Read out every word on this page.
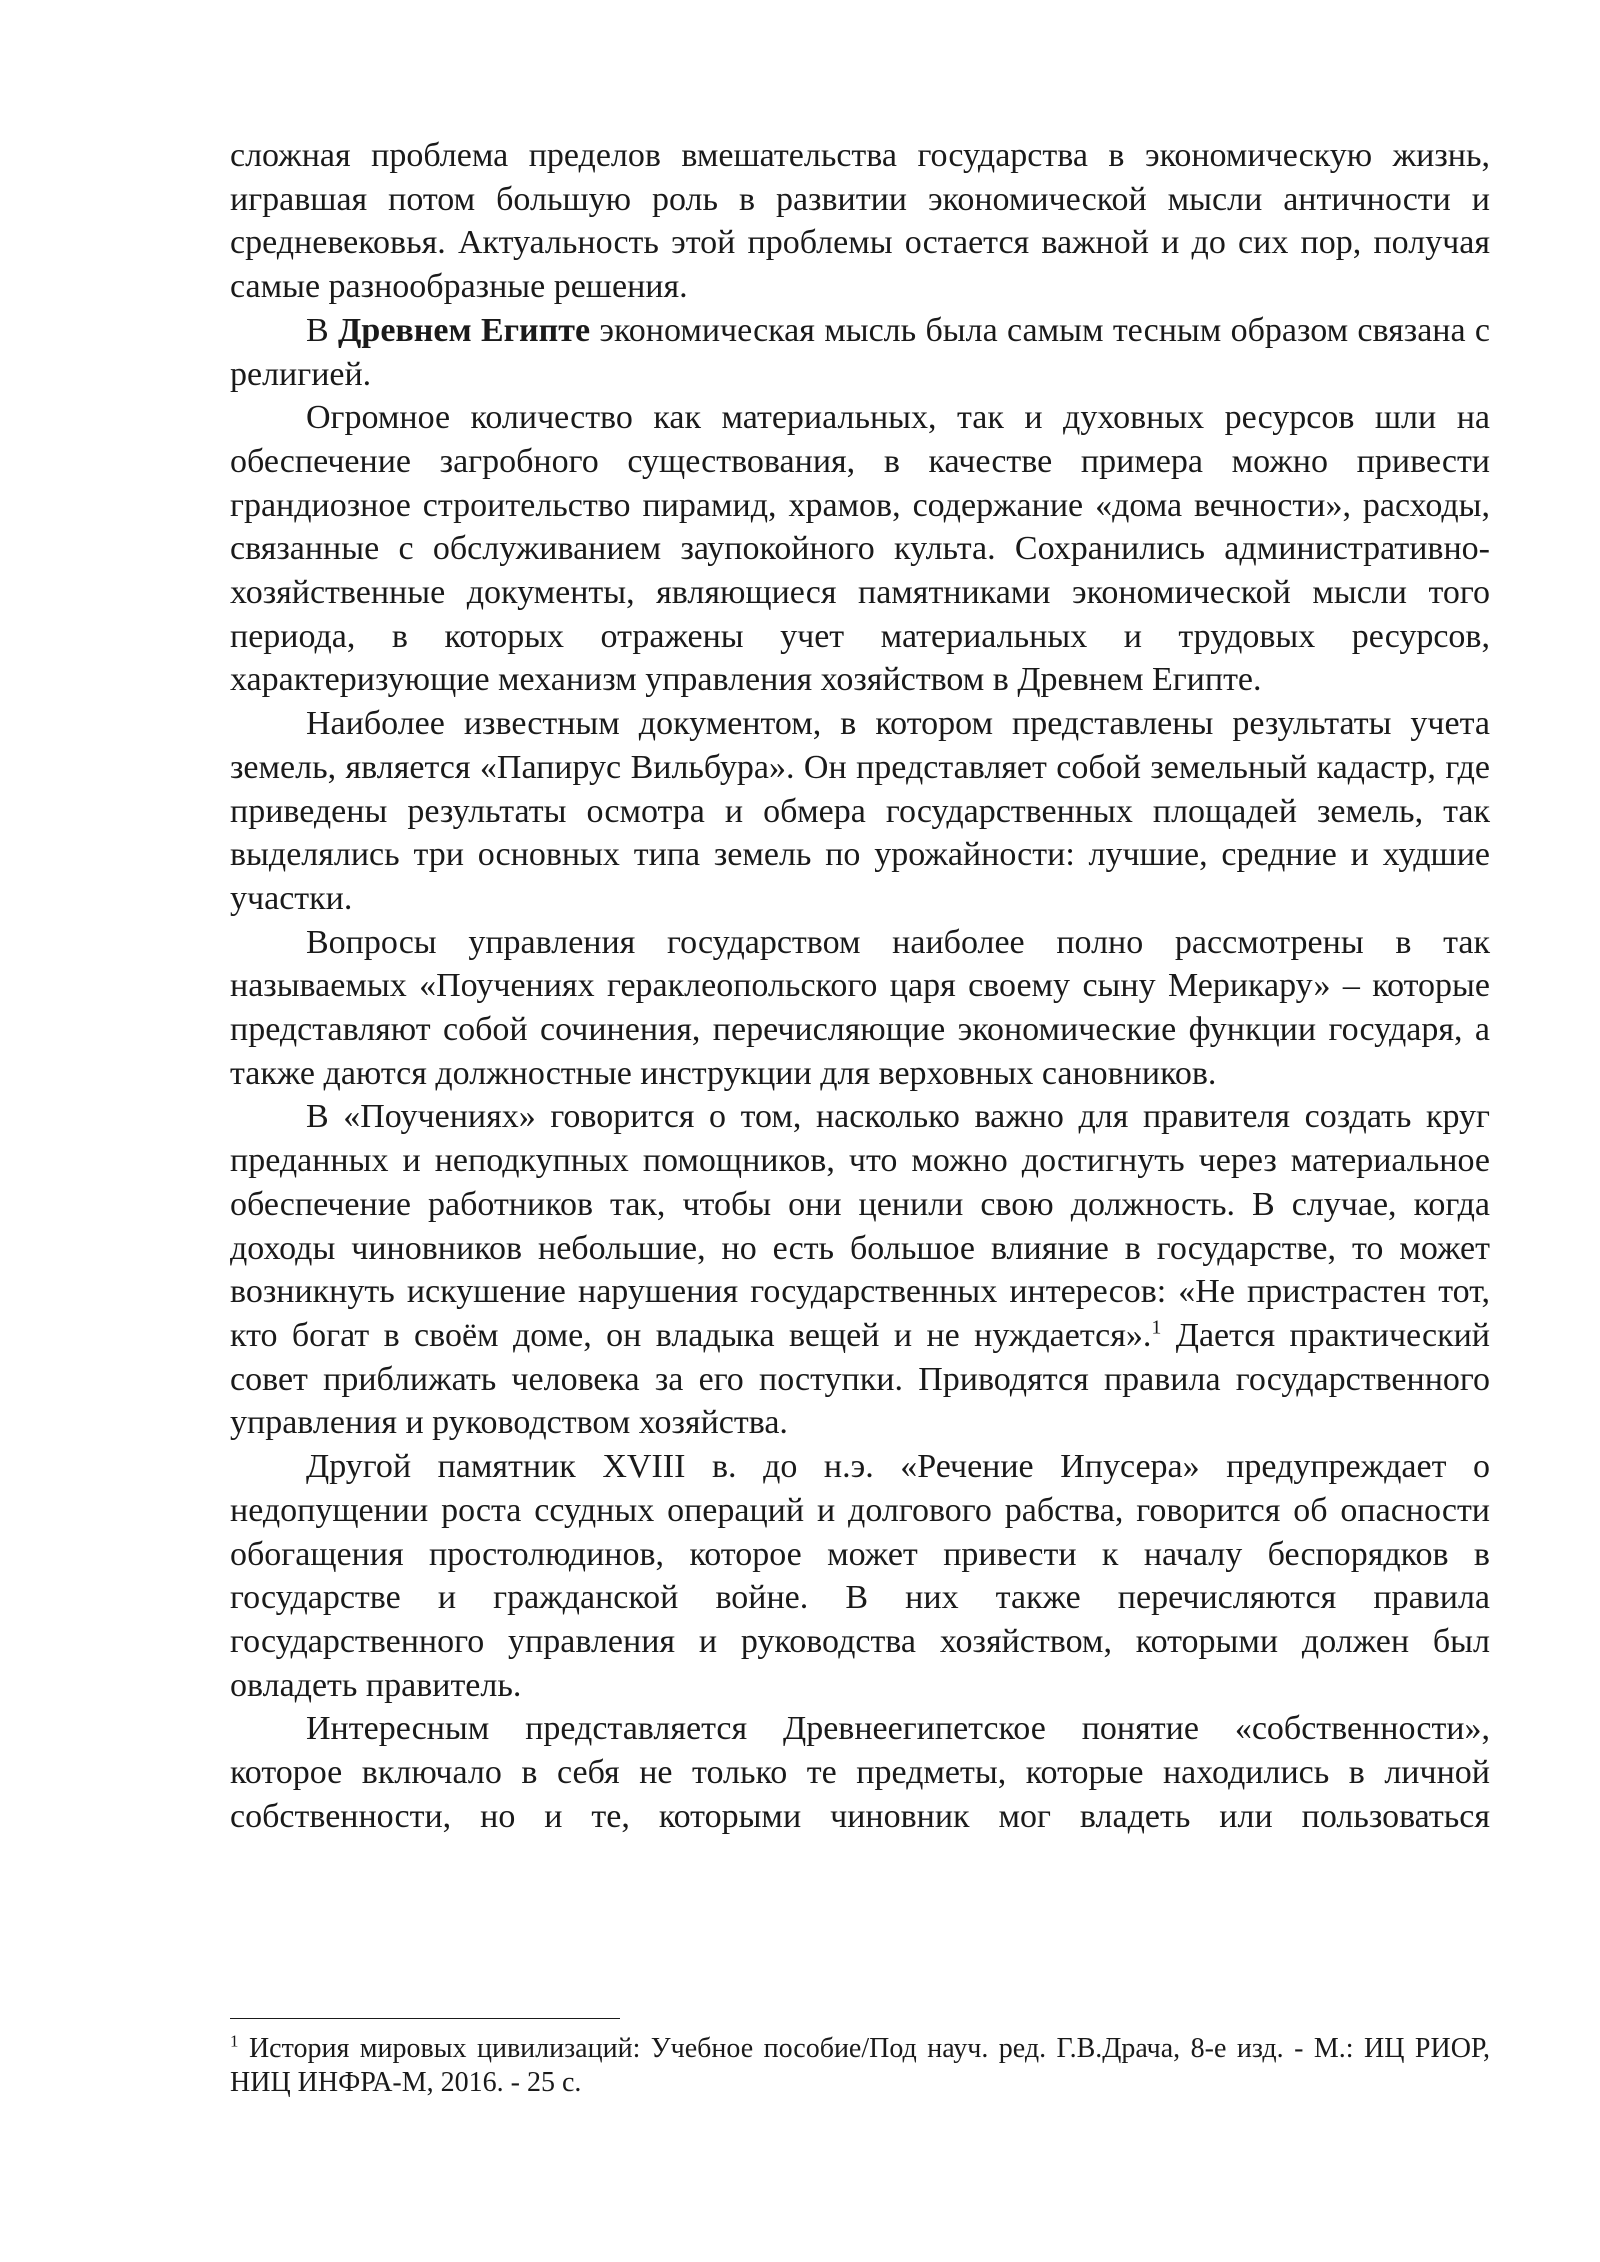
сложная проблема пределов вмешательства государства в экономическую жизнь, игравшая потом большую роль в развитии экономической мысли античности и средневековья. Актуальность этой проблемы остается важной и до сих пор, получая самые разнообразные решения.

В Древнем Египте экономическая мысль была самым тесным образом связана с религией.

Огромное количество как материальных, так и духовных ресурсов шли на обеспечение загробного существования, в качестве примера можно привести грандиозное строительство пирамид, храмов, содержание «дома вечности», расходы, связанные с обслуживанием заупокойного культа. Сохранились административно-хозяйственные документы, являющиеся памятниками экономической мысли того периода, в которых отражены учет материальных и трудовых ресурсов, характеризующие механизм управления хозяйством в Древнем Египте.

Наиболее известным документом, в котором представлены результаты учета земель, является «Папирус Вильбура». Он представляет собой земельный кадастр, где приведены результаты осмотра и обмера государственных площадей земель, так выделялись три основных типа земель по урожайности: лучшие, средние и худшие участки.

Вопросы управления государством наиболее полно рассмотрены в так называемых «Поучениях гераклеопольского царя своему сыну Мерикару» – которые представляют собой сочинения, перечисляющие экономические функции государя, а также даются должностные инструкции для верховных сановников.

В «Поучениях» говорится о том, насколько важно для правителя создать круг преданных и неподкупных помощников, что можно достигнуть через материальное обеспечение работников так, чтобы они ценили свою должность. В случае, когда доходы чиновников небольшие, но есть большое влияние в государстве, то может возникнуть искушение нарушения государственных интересов: «Не пристрастен тот, кто богат в своём доме, он владыка вещей и не нуждается».$^1$ Дается практический совет приближать человека за его поступки. Приводятся правила государственного управления и руководством хозяйства.

Другой памятник XVIII в. до н.э. «Речение Ипусера» предупреждает о недопущении роста ссудных операций и долгового рабства, говорится об опасности обогащения простолюдинов, которое может привести к началу беспорядков в государстве и гражданской войне. В них также перечисляются правила государственного управления и руководства хозяйством, которыми должен был овладеть правитель.

Интересным представляется Древнеегипетское понятие «собственности», которое включало в себя не только те предметы, которые находились в личной собственности, но и те, которыми чиновник мог владеть или пользоваться

$^1$ История мировых цивилизаций: Учебное пособие/Под науч. ред. Г.В.Драча, 8-е изд. - М.: ИЦ РИОР, НИЦ ИНФРА-М, 2016. - 25 с.
